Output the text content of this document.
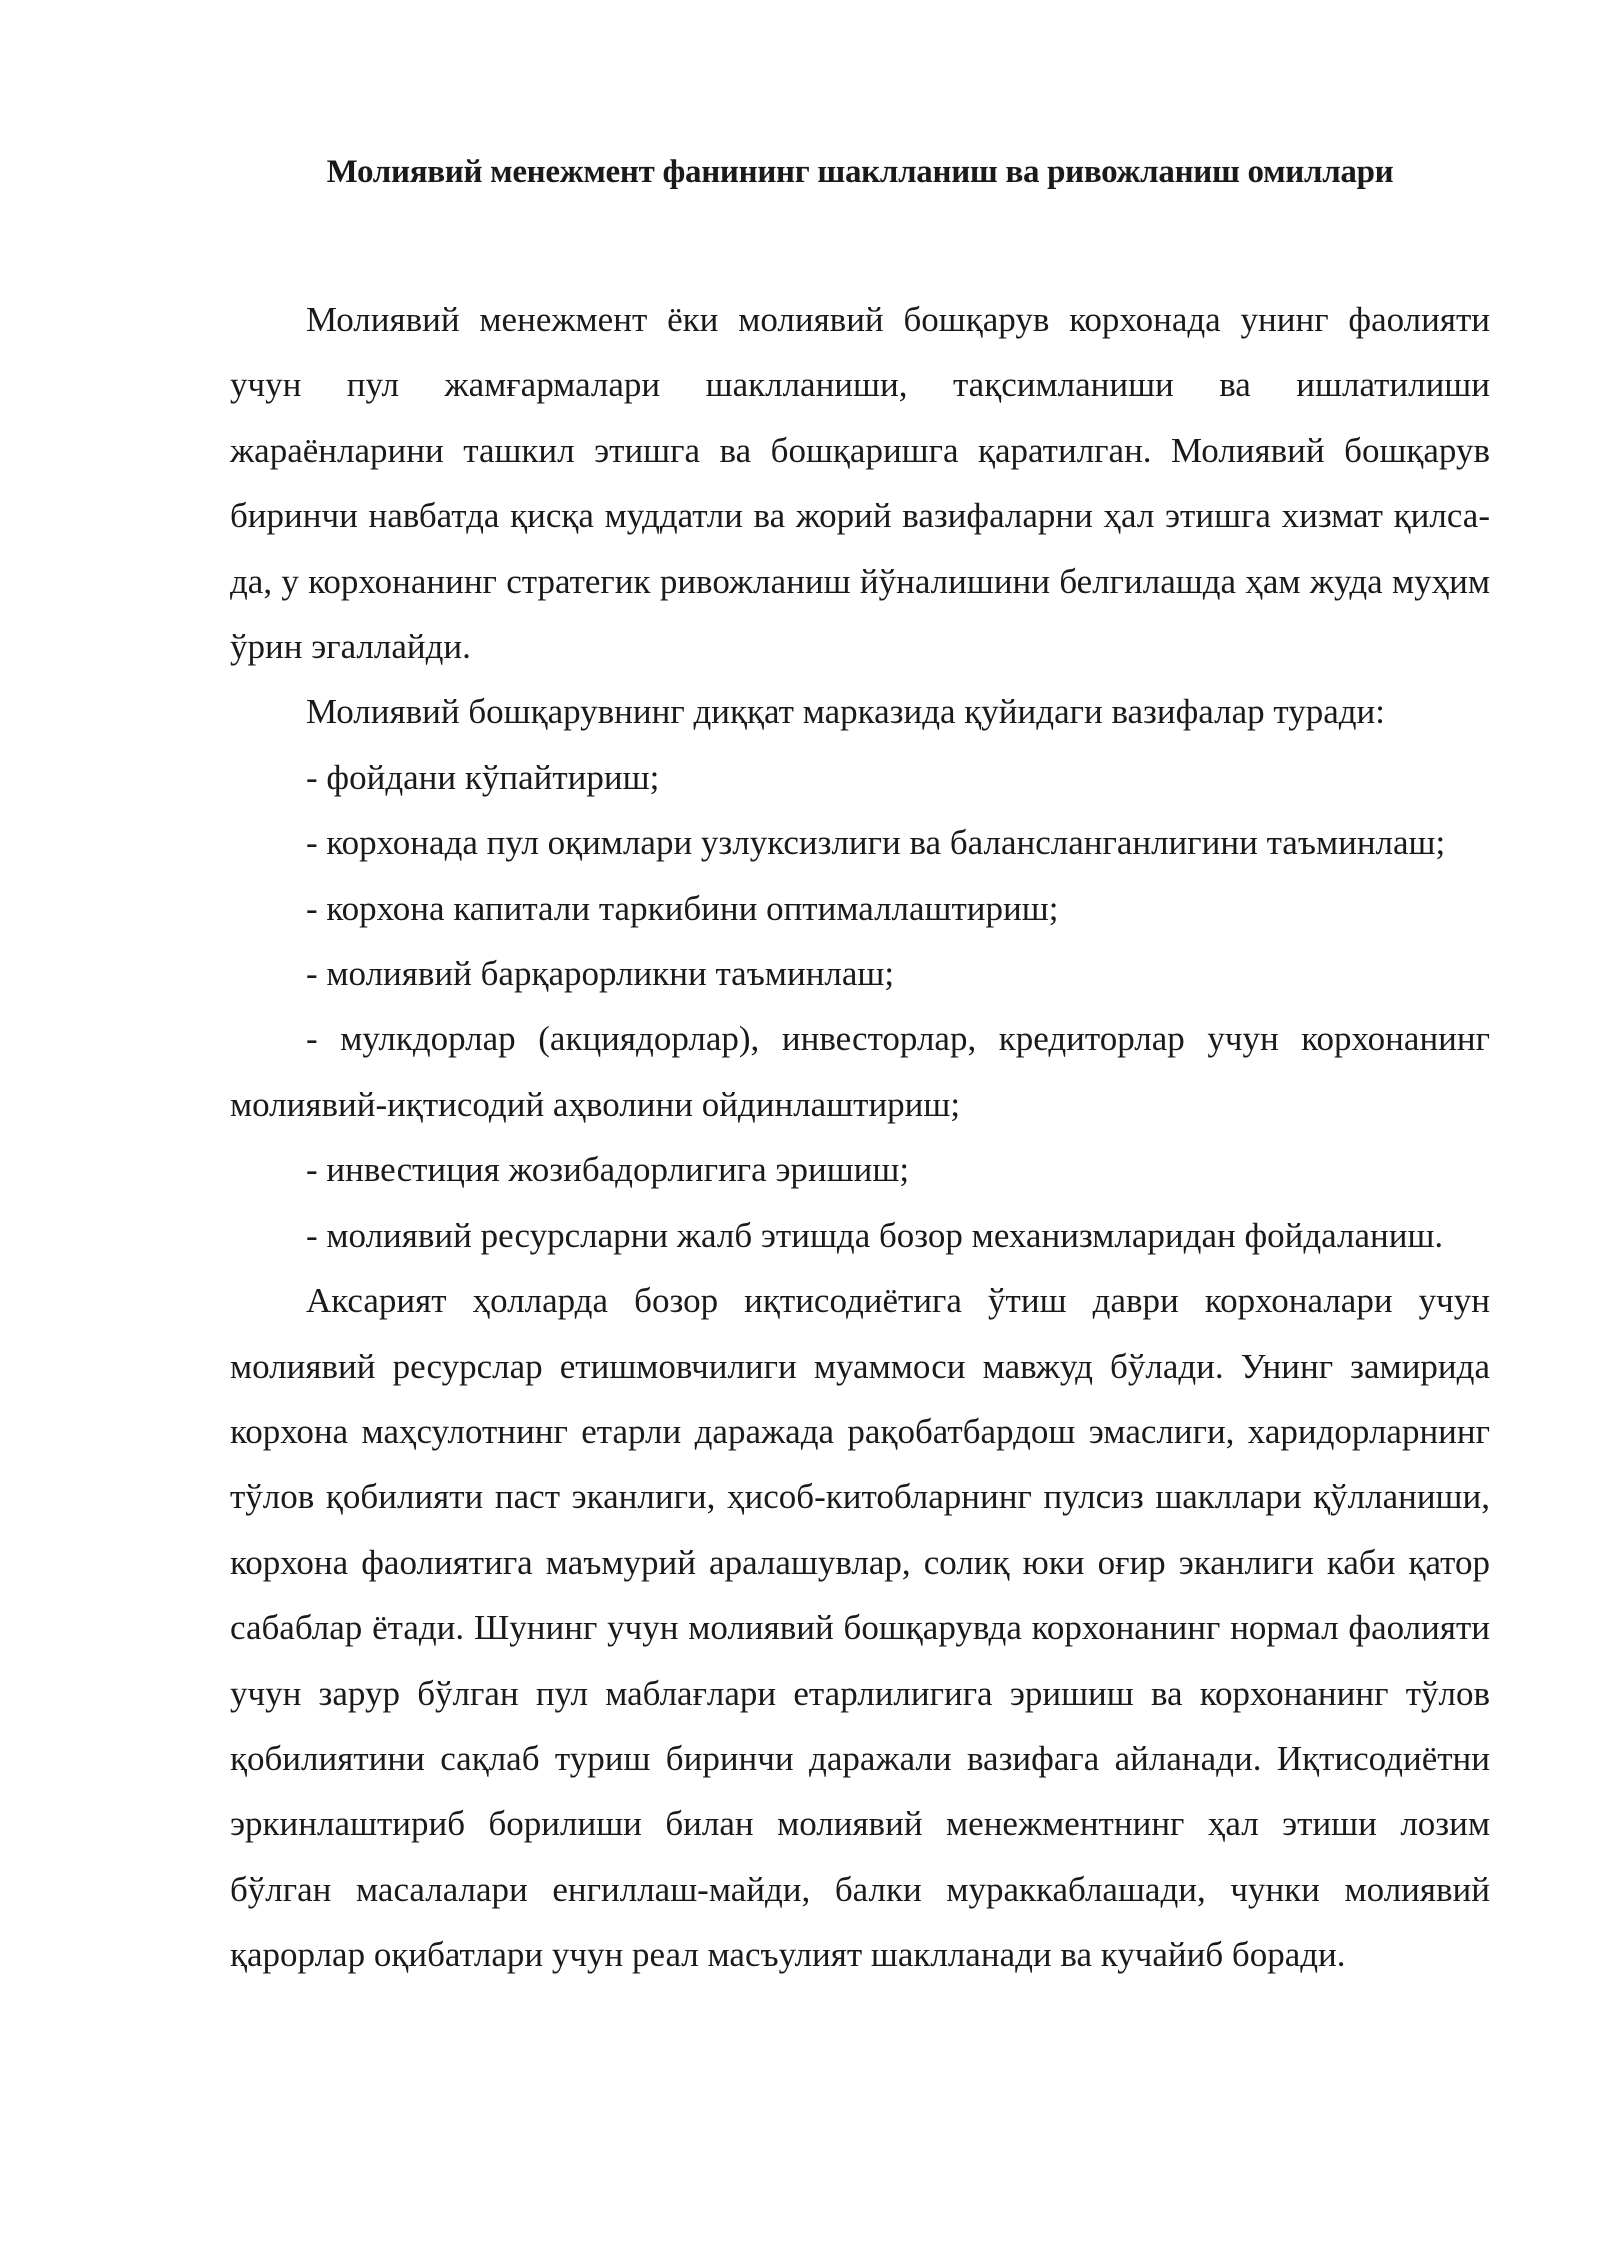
Молиявий менежмент фанининг шаклланиш ва ривожланиш омиллари

Молиявий менежмент ёки молиявий бошқарув корхонада унинг фаолияти учун пул жамғармалари шаклланиши, тақсимланиши ва ишлатилиши жараёнларини ташкил этишга ва бошқаришга қаратилган. Молиявий бошқарув биринчи навбатда қисқа муддатли ва жорий вазифаларни ҳал этишга хизмат қилса-да, у корхонанинг стратегик ривожланиш йўналишини белгилашда ҳам жуда муҳим ўрин эгаллайди.

Молиявий бошқарувнинг диққат марказида қуйидаги вазифалар туради:

- фойдани кўпайтириш;

- корхонада пул оқимлари узлуксизлиги ва балансланганлигини таъминлаш;

- корхона капитали таркибини оптималлаштириш;

- молиявий барқарорликни таъминлаш;

- мулкдорлар (акциядорлар), инвесторлар, кредиторлар учун корхонанинг молиявий-иқтисодий аҳволини ойдинлаштириш;

- инвестиция жозибадорлигига эришиш;

- молиявий ресурсларни жалб этишда бозор механизмларидан фойдаланиш.

Аксарият ҳолларда бозор иқтисодиётига ўтиш даври корхоналари учун молиявий ресурслар етишмовчилиги муаммоси мавжуд бўлади. Унинг замирида корхона маҳсулотнинг етарли даражада рақобатбардош эмаслиги, харидорларнинг тўлов қобилияти паст эканлиги, ҳисоб-китобларнинг пулсиз шакллари қўлланиши, корхона фаолиятига маъмурий аралашувлар, солиқ юки оғир эканлиги каби қатор сабаблар ётади. Шунинг учун молиявий бошқарувда корхонанинг нормал фаолияти учун зарур бўлган пул маблағлари етарлилигига эришиш ва корхонанинг тўлов қобилиятини сақлаб туриш биринчи даражали вазифага айланади. Иқтисодиётни эркинлаштириб борилиши билан молиявий менежментнинг ҳал этиши лозим бўлган масалалари енгиллаш-майди, балки мураккаблашади, чунки молиявий қарорлар оқибатлари учун реал масъулият шаклланади ва кучайиб боради.
